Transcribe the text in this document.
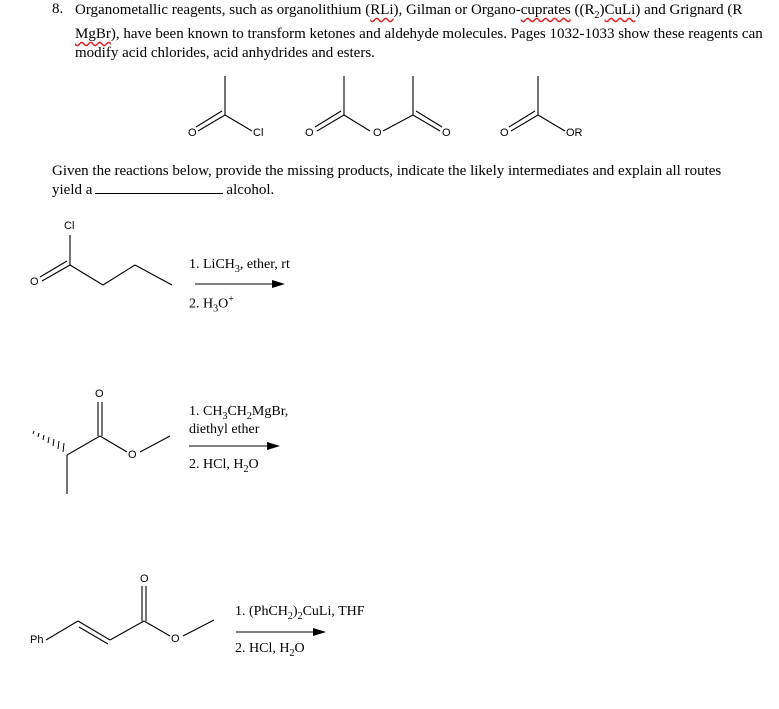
8. Organometallic reagents, such as organolithium (RLi), Gilman or Organo-cuprates $((R_2)CuLi)$ and Grignard (R MgBr), have been known to transform ketones and aldehyde molecules. Pages 1032-1033 show these reagents can modify acid chlorides, acid anhydrides and esters.
O	Cl	O	O	O	O	OR
Given the reactions below, provide the missing products, indicate the likely intermediates and explain all routes yield a	alcohol.
Cl
O
1. LiCH$_3$, ether, rt
2. $H_3O^+$
O
O
1. $CH_3CH_2MgBr$,
diethyl ether
2. HCl, $H_2O$
Ph
O
O
1. $(PhCH_2)_2CuLi$, THF
2. HCl, $H_2O$
